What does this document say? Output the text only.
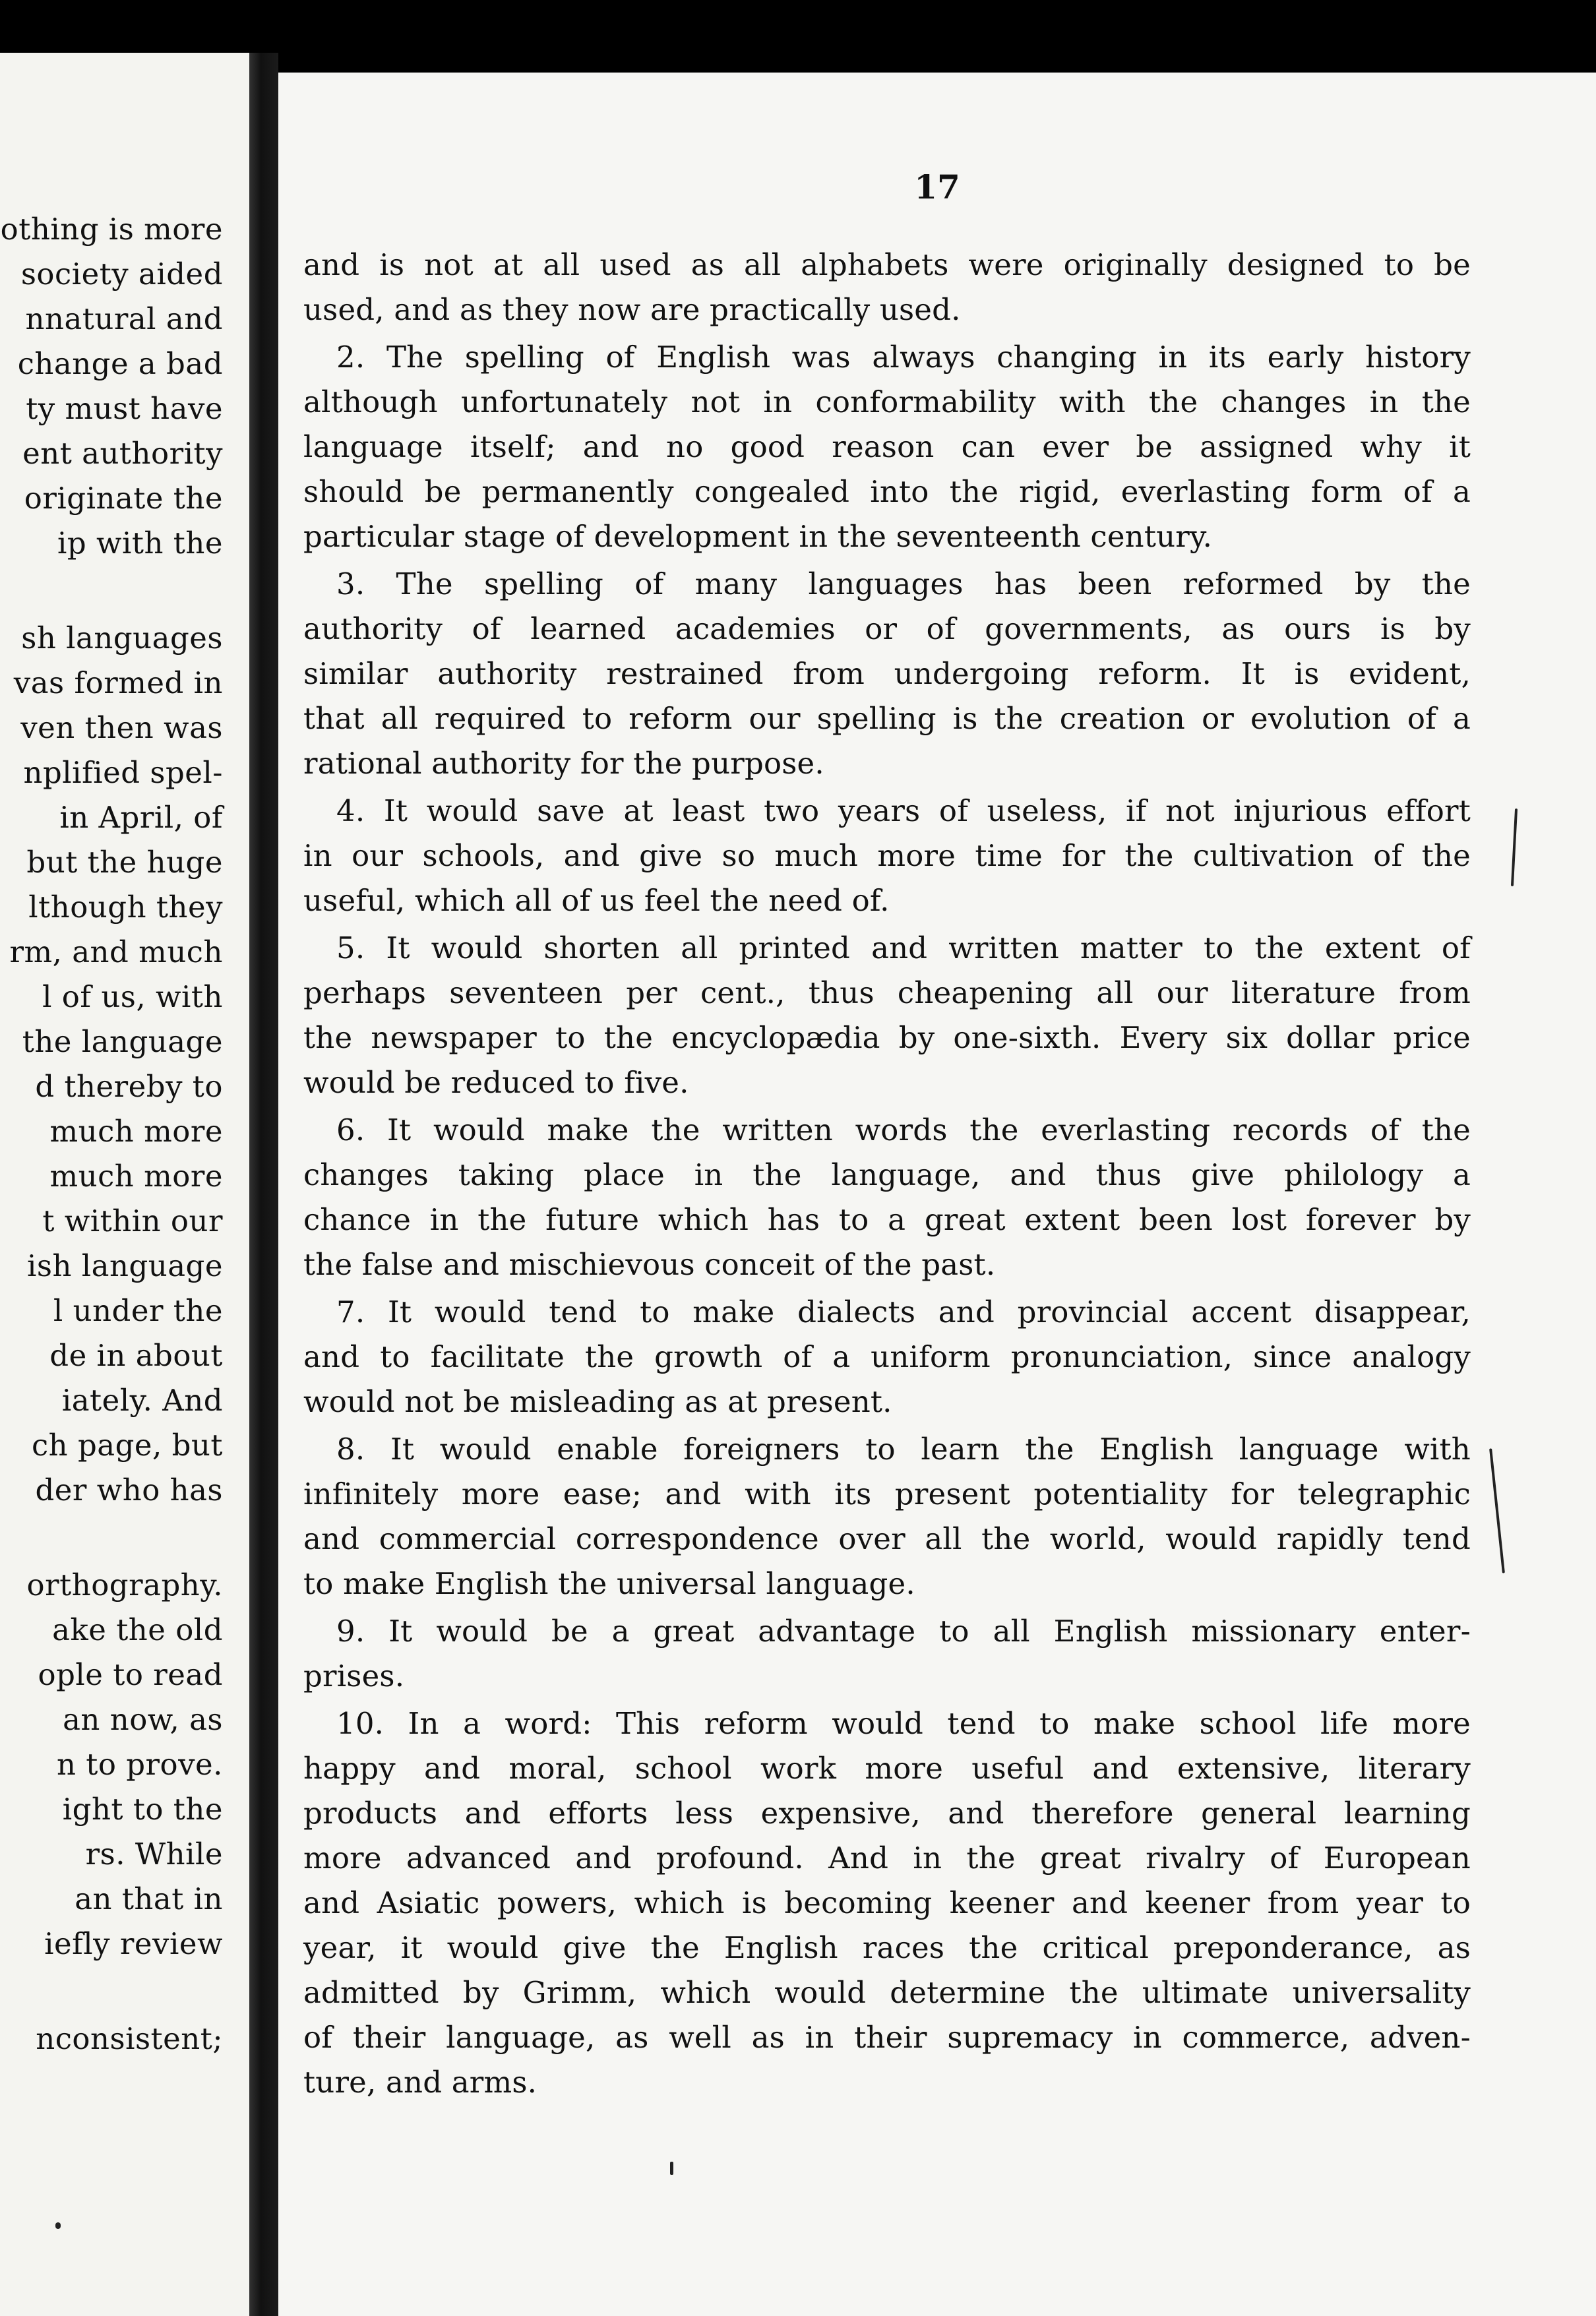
othing is more
society aided
nnatural and
change a bad
ty must have
ent authority
originate the
ip with the
sh languages
vas formed in
ven then was
nplified spel-
in April, of
but the huge
lthough they
rm, and much
l of us, with
the language
d thereby to
much more
much more
t within our
ish language
l under the
de in about
iately. And
ch page, but
der who has
orthography.
ake the old
ople to read
an now, as
n to prove.
ight to the
rs. While
an that in
iefly review
nconsistent;
17
and is not at all used as all alphabets were originally designed to be
used, and as they now are practically used.
2. The spelling of English was always changing in its early history
although unfortunately not in conformability with the changes in the
language itself; and no good reason can ever be assigned why it
should be permanently congealed into the rigid, everlasting form of a
particular stage of development in the seventeenth century.
3. The spelling of many languages has been reformed by the
authority of learned academies or of governments, as ours is by
similar authority restrained from undergoing reform. It is evident,
that all required to reform our spelling is the creation or evolution of a
rational authority for the purpose.
4. It would save at least two years of useless, if not injurious effort
in our schools, and give so much more time for the cultivation of the
useful, which all of us feel the need of.
5. It would shorten all printed and written matter to the extent of
perhaps seventeen per cent., thus cheapening all our literature from
the newspaper to the encyclopædia by one-sixth. Every six dollar price
would be reduced to five.
6. It would make the written words the everlasting records of the
changes taking place in the language, and thus give philology a
chance in the future which has to a great extent been lost forever by
the false and mischievous conceit of the past.
7. It would tend to make dialects and provincial accent disappear,
and to facilitate the growth of a uniform pronunciation, since analogy
would not be misleading as at present.
8. It would enable foreigners to learn the English language with
infinitely more ease; and with its present potentiality for telegraphic
and commercial correspondence over all the world, would rapidly tend
to make English the universal language.
9. It would be a great advantage to all English missionary enter-
prises.
10. In a word: This reform would tend to make school life more
happy and moral, school work more useful and extensive, literary
products and efforts less expensive, and therefore general learning
more advanced and profound. And in the great rivalry of European
and Asiatic powers, which is becoming keener and keener from year to
year, it would give the English races the critical preponderance, as
admitted by Grimm, which would determine the ultimate universality
of their language, as well as in their supremacy in commerce, adven-
ture, and arms.
